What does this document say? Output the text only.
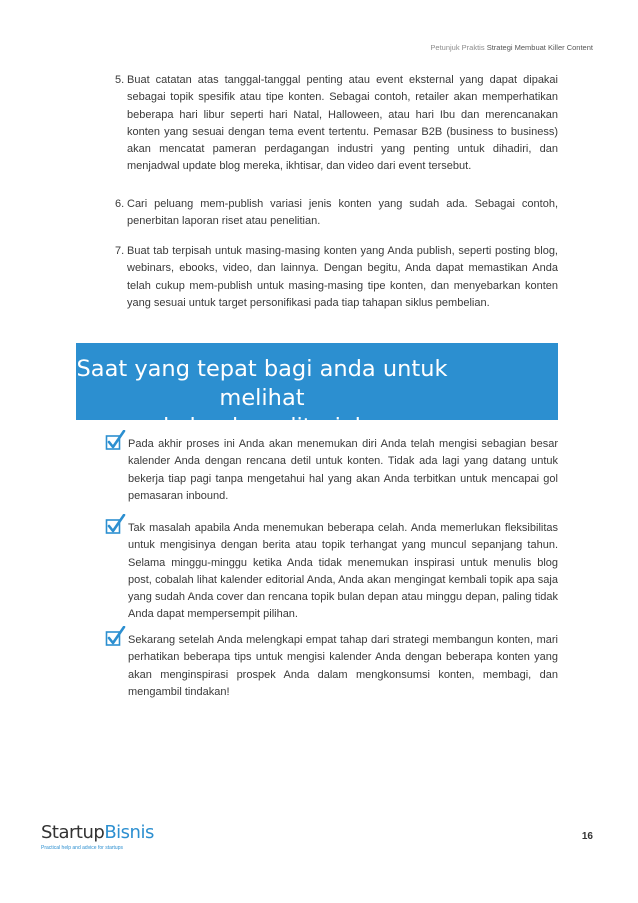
Petunjuk Praktis Strategi Membuat Killer Content
5. Buat catatan atas tanggal-tanggal penting atau event eksternal yang dapat dipakai sebagai topik spesifik atau tipe konten. Sebagai contoh, retailer akan memperhatikan beberapa hari libur seperti hari Natal, Halloween, atau hari Ibu dan merencanakan konten yang sesuai dengan tema event tertentu. Pemasar B2B (business to business) akan mencatat pameran perdagangan industri yang penting untuk dihadiri, dan menjadwal update blog mereka, ikhtisar, dan video dari event tersebut.
6. Cari peluang mem-publish variasi jenis konten yang sudah ada. Sebagai contoh, penerbitan laporan riset atau penelitian.
7. Buat tab terpisah untuk masing-masing konten yang Anda publish, seperti posting blog, webinars, ebooks, video, dan lainnya. Dengan begitu, Anda dapat memastikan Anda telah cukup mem-publish untuk masing-masing tipe konten, dan menyebarkan konten yang sesuai untuk target personifikasi pada tiap tahapan siklus pembelian.
Saat yang tepat bagi anda untuk melihat
kalender editorial
Pada akhir proses ini Anda akan menemukan diri Anda telah mengisi sebagian besar kalender Anda dengan rencana detil untuk konten. Tidak ada lagi yang datang untuk bekerja tiap pagi tanpa mengetahui hal yang akan Anda terbitkan untuk mencapai gol pemasaran inbound.
Tak masalah apabila Anda menemukan beberapa celah. Anda memerlukan fleksibilitas untuk mengisinya dengan berita atau topik terhangat yang muncul sepanjang tahun. Selama minggu-minggu ketika Anda tidak menemukan inspirasi untuk menulis blog post, cobalah lihat kalender editorial Anda, Anda akan mengingat kembali topik apa saja yang sudah Anda cover dan rencana topik bulan depan atau minggu depan, paling tidak Anda dapat mempersempit pilihan.
Sekarang setelah Anda melengkapi empat tahap dari strategi membangun konten, mari perhatikan beberapa tips untuk mengisi kalender Anda dengan beberapa konten yang akan menginspirasi prospek Anda dalam mengkonsumsi konten, membagi, dan mengambil tindakan!
StartupBisnis
Practical help and advice for startups
16
